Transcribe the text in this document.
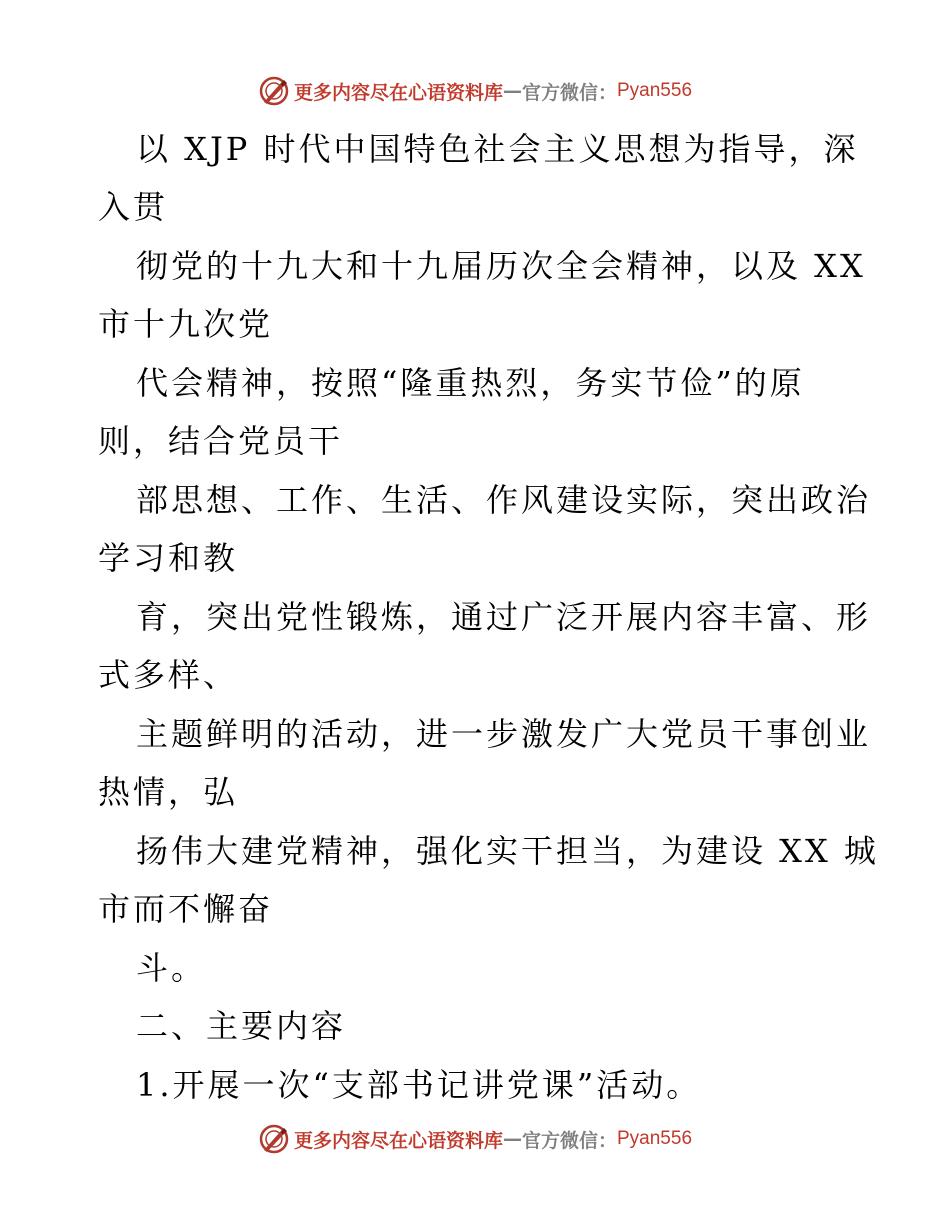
更多内容尽在心语资料库 — 官方微信： Pyan556
以 XJP 时代中国特色社会主义思想为指导，深
入贯
彻党的十九大和十九届历次全会精神，以及 XX
市十九次党
代会精神，按照“隆重热烈，务实节俭”的原
则，结合党员干
部思想、工作、生活、作风建设实际，突出政治
学习和教
育，突出党性锻炼，通过广泛开展内容丰富、形
式多样、
主题鲜明的活动，进一步激发广大党员干事创业
热情，弘
扬伟大建党精神，强化实干担当，为建设 XX 城
市而不懈奋
斗。
二、主要内容
1.开展一次“支部书记讲党课”活动。
更多内容尽在心语资料库 — 官方微信： Pyan556
